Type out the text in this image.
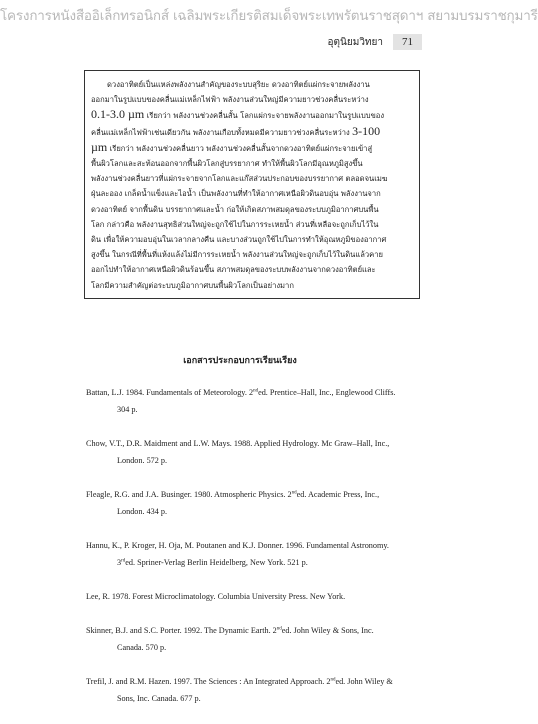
โครงการหนังสืออิเล็กทรอนิกส์ เฉลิมพระเกียรติสมเด็จพระเทพรัตนราชสุดาฯ สยามบรมราชกุมารี
อุตุนิยมวิทยา	71
ดวงอาทิตย์เป็นแหล่งพลังงานสำคัญของระบบสุริยะ ดวงอาทิตย์แผ่กระจายพลังงาน
ออกมาในรูปแบบของคลื่นแม่เหล็กไฟฟ้า พลังงานส่วนใหญ่มีความยาวช่วงคลื่นระหว่าง
0.1-3.0 µm เรียกว่า พลังงานช่วงคลื่นสั้น โลกแผ่กระจายพลังงานออกมาในรูปแบบของ
คลื่นแม่เหล็กไฟฟ้าเช่นเดียวกัน พลังงานเกือบทั้งหมดมีความยาวช่วงคลื่นระหว่าง 3-100
µm เรียกว่า พลังงานช่วงคลื่นยาว พลังงานช่วงคลื่นสั้นจากดวงอาทิตย์แผ่กระจายเข้าสู่
พื้นผิวโลกและสะท้อนออกจากพื้นผิวโลกสู่บรรยากาศ ทำให้พื้นผิวโลกมีอุณหภูมิสูงขึ้น
พลังงานช่วงคลื่นยาวที่แผ่กระจายจากโลกและแก๊สส่วนประกอบของบรรยากาศ ตลอดจนเมฆ
ฝุ่นละออง เกล็ดน้ำแข็งและไอน้ำ เป็นพลังงานที่ทำให้อากาศเหนือผิวดินอบอุ่น พลังงานจาก
ดวงอาทิตย์ จากพื้นดิน บรรยากาศและน้ำ ก่อให้เกิดสภาพสมดุลของระบบภูมิอากาศบนพื้น
โลก กล่าวคือ พลังงานสุทธิส่วนใหญ่จะถูกใช้ไปในการระเหยน้ำ ส่วนที่เหลือจะถูกเก็บไว้ใน
ดิน เพื่อให้ความอบอุ่นในเวลากลางคืน และบางส่วนถูกใช้ไปในการทำให้อุณหภูมิของอากาศ
สูงขึ้น ในกรณีที่พื้นที่แห้งแล้งไม่มีการระเหยน้ำ พลังงานส่วนใหญ่จะถูกเก็บไว้ในดินแล้วคาย
ออกไปทำให้อากาศเหนือผิวดินร้อนขึ้น สภาพสมดุลของระบบพลังงานจากดวงอาทิตย์และ
โลกมีความสำคัญต่อระบบภูมิอากาศบนพื้นผิวโลกเป็นอย่างมาก
เอกสารประกอบการเรียนเรียง
Battan, L.J. 1984. Fundamentals of Meteorology. 2nded. Prentice–Hall, Inc., Englewood Cliffs.
304 p.
Chow, V.T., D.R. Maidment and L.W. Mays. 1988. Applied Hydrology. Mc Graw–Hall, Inc.,
London. 572 p.
Fleagle, R.G. and J.A. Businger. 1980. Atmospheric Physics. 2nded. Academic Press, Inc.,
London. 434 p.
Hannu, K., P. Kroger, H. Oja, M. Poutanen and K.J. Donner. 1996. Fundamental Astronomy.
3rded. Spriner-Verlag Berlin Heidelberg, New York. 521 p.
Lee, R. 1978. Forest Microclimatology. Columbia University Press. New York.
Skinner, B.J. and S.C. Porter. 1992. The Dynamic Earth. 2nded. John Wiley & Sons, Inc.
Canada. 570 p.
Trefil, J. and R.M. Hazen. 1997. The Sciences : An Integrated Approach. 2nded. John Wiley &
Sons, Inc. Canada. 677 p.
